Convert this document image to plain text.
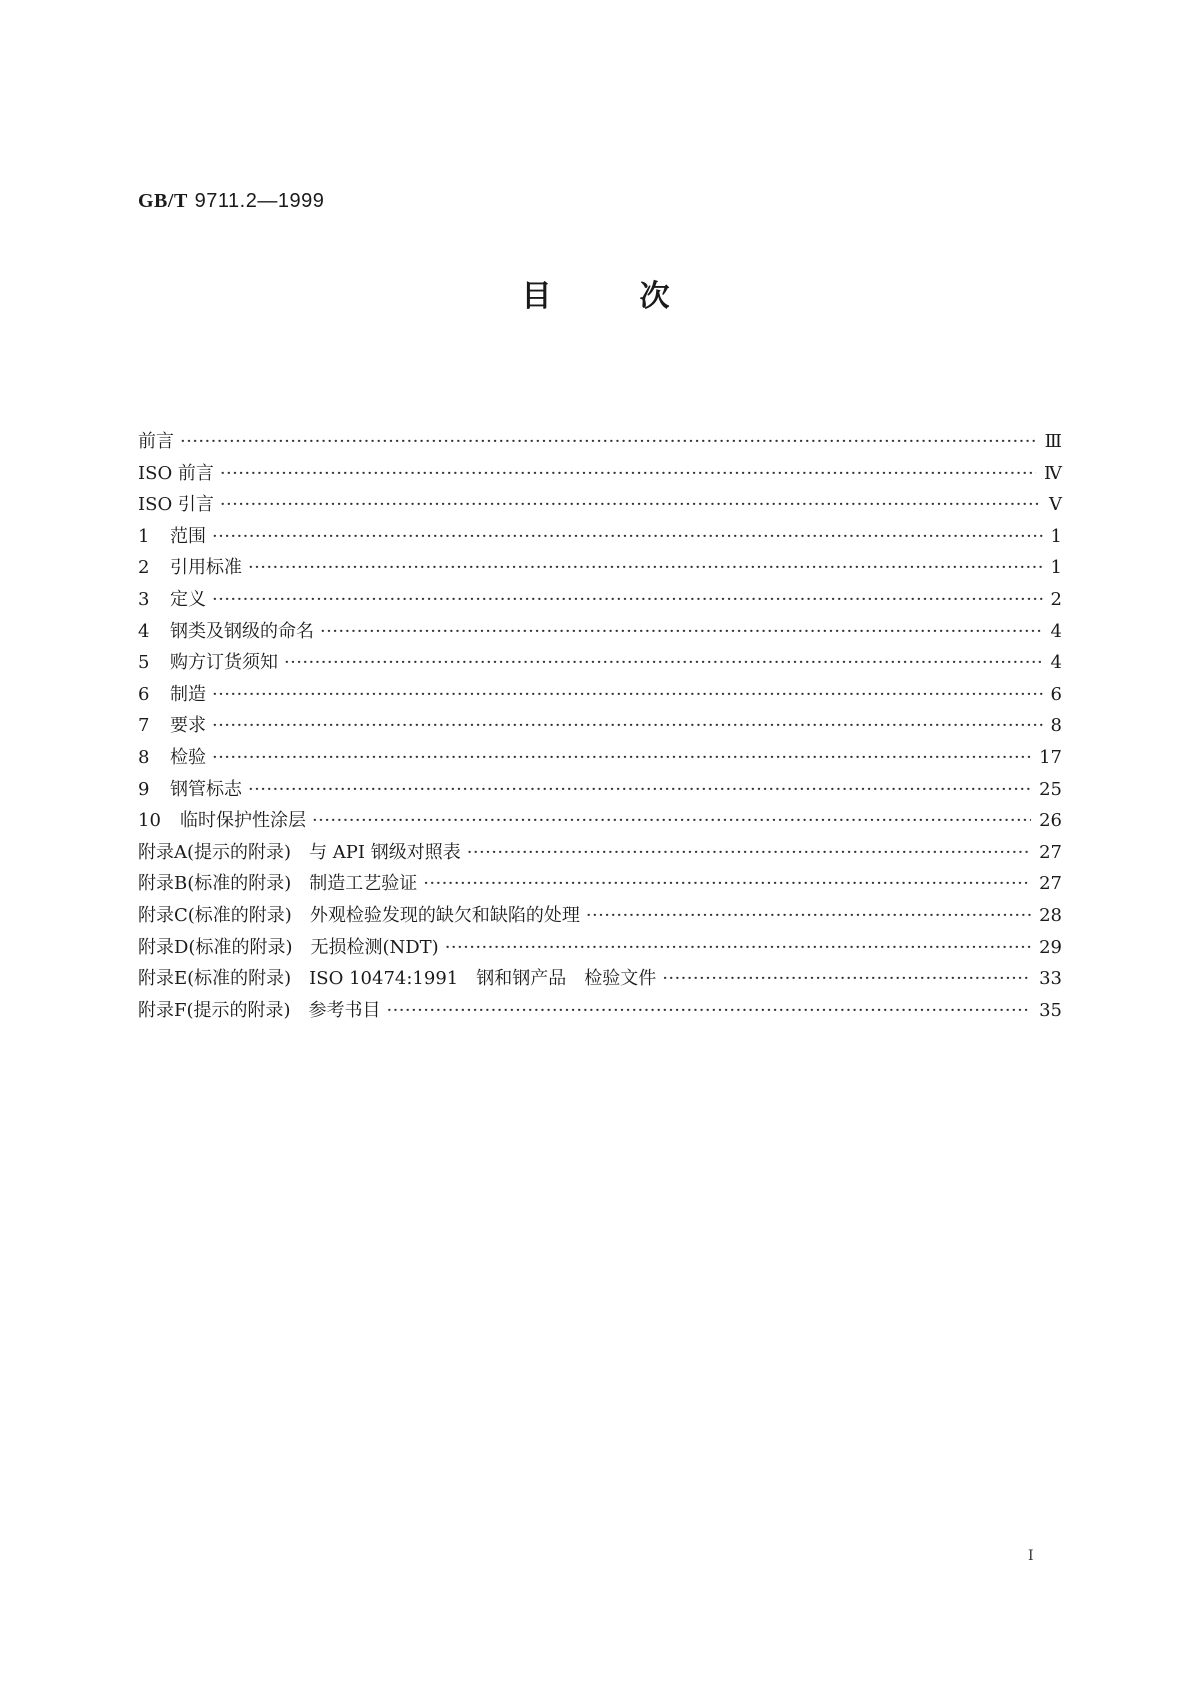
GB/T 9711.2—1999
目次
前言 ·····	Ⅲ
ISO 前言 ·····	Ⅳ
ISO 引言 ·····	Ⅴ
1 范围 ·····	1
2 引用标准 ·····	1
3 定义 ·····	2
4 钢类及钢级的命名 ·····	4
5 购方订货须知 ·····	4
6 制造 ·····	6
7 要求 ·····	8
8 检验 ·····	17
9 钢管标志 ·····	25
10 临时保护性涂层 ·····	26
附录A(提示的附录)　与 API 钢级对照表 ·····	27
附录B(标准的附录)　制造工艺验证 ·····	27
附录C(标准的附录)　外观检验发现的缺欠和缺陷的处理 ·····	28
附录D(标准的附录)　无损检测(NDT) ·····	29
附录E(标准的附录)　ISO 10474:1991　钢和钢产品　检验文件 ·····	33
附录F(提示的附录)　参考书目 ·····	35
Ⅰ
